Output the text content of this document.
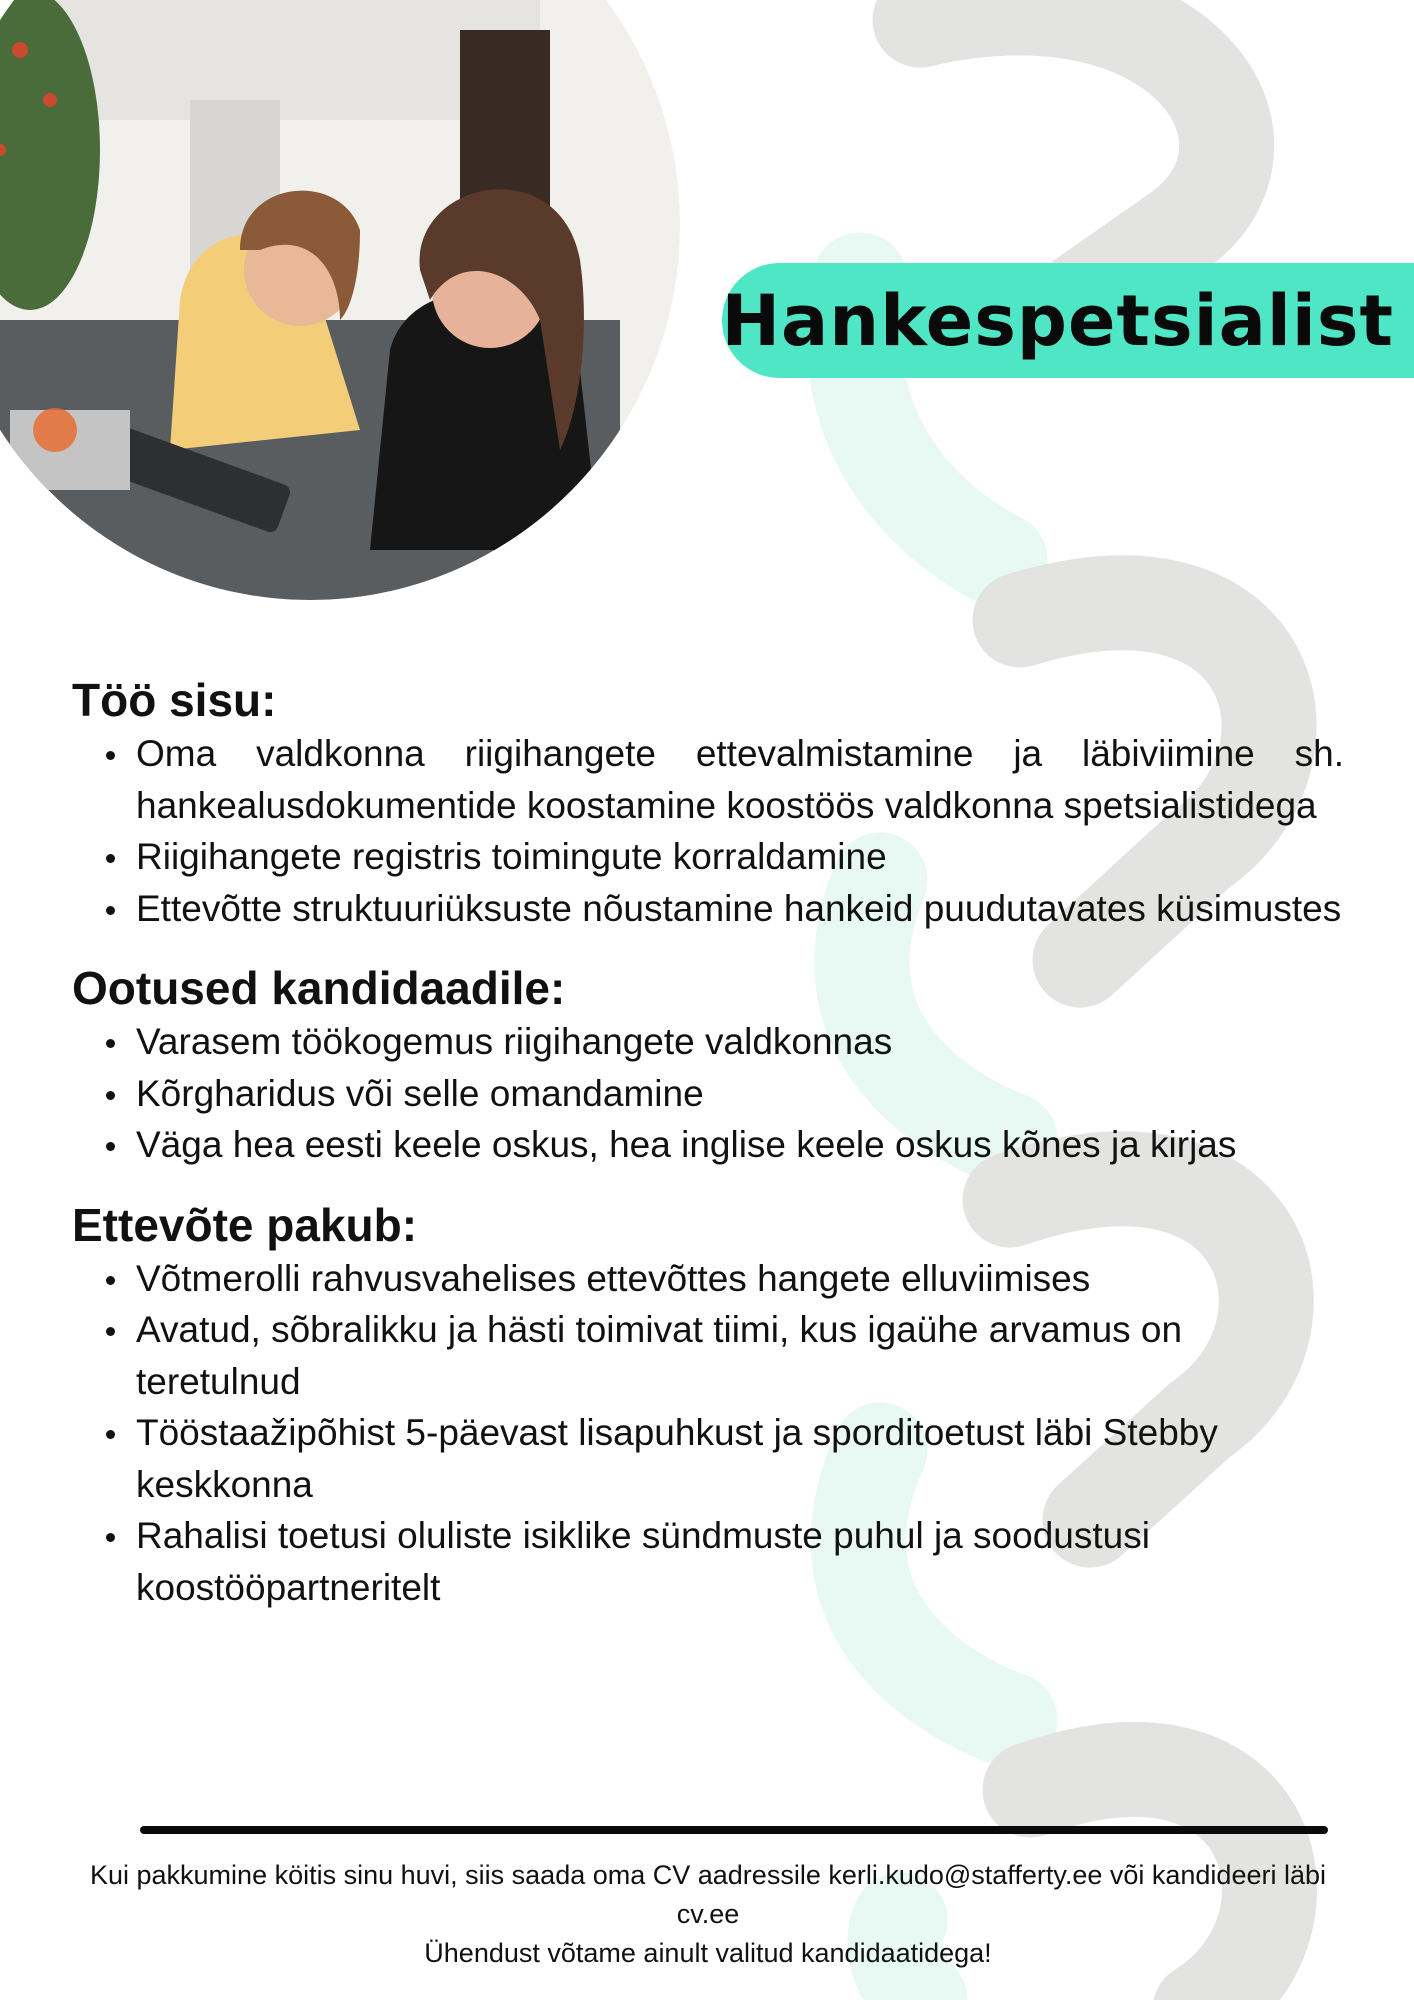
Hankespetsialist
Töö sisu:
Oma valdkonna riigihangete ettevalmistamine ja läbiviimine sh. hankealusdokumentide koostamine koostöös valdkonna spetsialistidega
Riigihangete registris toimingute korraldamine
Ettevõtte struktuuriüksuste nõustamine hankeid puudutavates küsimustes
Ootused kandidaadile:
Varasem töökogemus riigihangete valdkonnas
Kõrgharidus või selle omandamine
Väga hea eesti keele oskus, hea inglise keele oskus kõnes ja kirjas
Ettevõte pakub:
Võtmerolli rahvusvahelises ettevõttes hangete elluviimises
Avatud, sõbralikku ja hästi toimivat tiimi, kus igaühe arvamus on teretulnud
Tööstaažipõhist 5-päevast lisapuhkust ja sporditoetust läbi Stebby keskkonna
Rahalisi toetusi oluliste isiklike sündmuste puhul ja soodustusi koostööpartneritelt

Kui pakkumine köitis sinu huvi, siis saada oma CV aadressile kerli.kudo@stafferty.ee või kandideeri läbi cv.ee

Ühendust võtame ainult valitud kandidaatidega!
